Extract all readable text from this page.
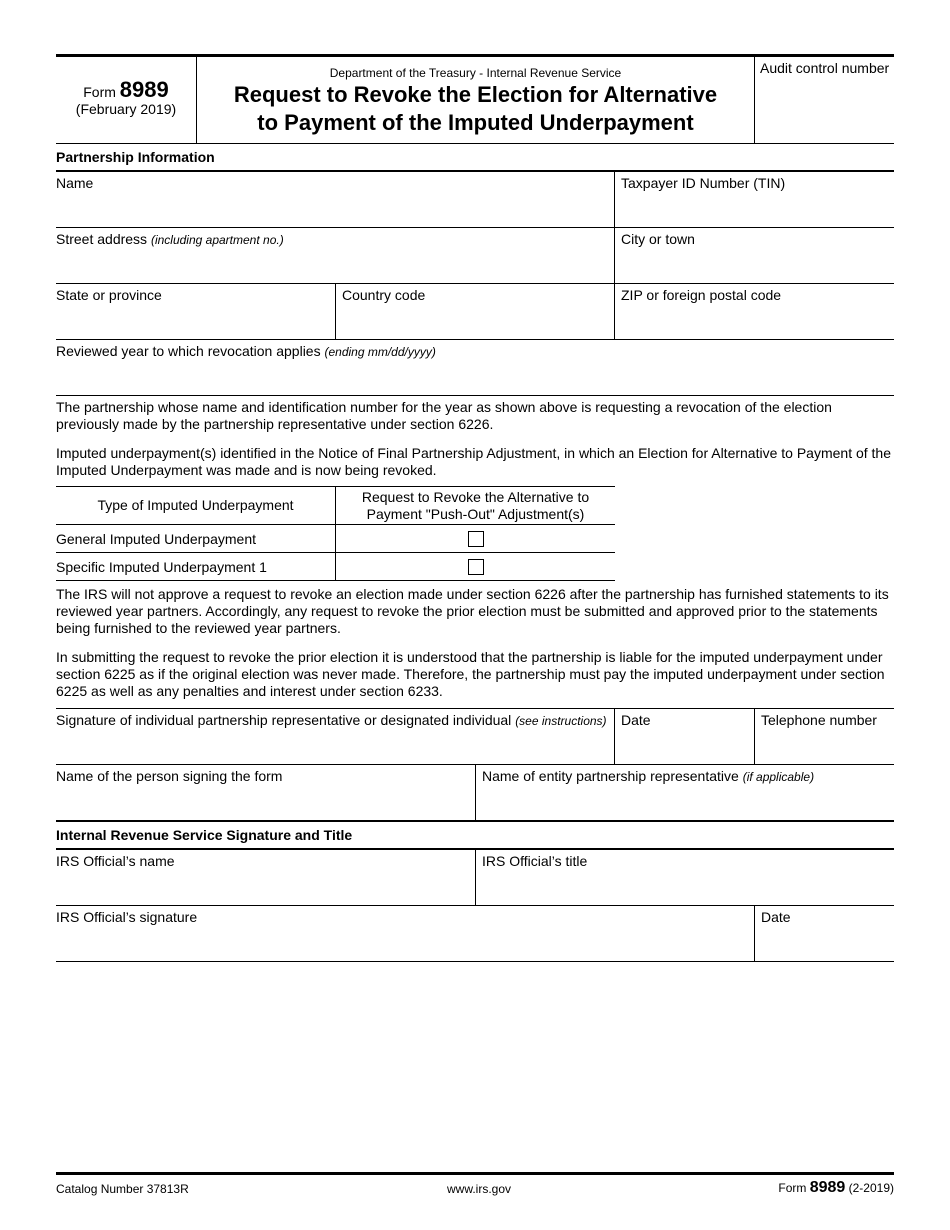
Form 8989
(February 2019)
Department of the Treasury - Internal Revenue Service
Request to Revoke the Election for Alternative
to Payment of the Imputed Underpayment
Audit control number
Partnership Information
Name	Taxpayer ID Number (TIN)
Street address (including apartment no.)	City or town
State or province	Country code	ZIP or foreign postal code
Reviewed year to which revocation applies (ending mm/dd/yyyy)

The partnership whose name and identification number for the year as shown above is requesting a revocation of the election previously made by the partnership representative under section 6226.

Imputed underpayment(s) identified in the Notice of Final Partnership Adjustment, in which an Election for Alternative to Payment of the Imputed Underpayment was made and is now being revoked.

Type of Imputed Underpayment	Request to Revoke the Alternative to
Payment "Push-Out" Adjustment(s)

General Imputed Underpayment	
Specific Imputed Underpayment 1	

The IRS will not approve a request to revoke an election made under section 6226 after the partnership has furnished statements to its reviewed year partners. Accordingly, any request to revoke the prior election must be submitted and approved prior to the statements being furnished to the reviewed year partners.

In submitting the request to revoke the prior election it is understood that the partnership is liable for the imputed underpayment under section 6225 as if the original election was never made. Therefore, the partnership must pay the imputed underpayment under section 6225 as well as any penalties and interest under section 6233.

Signature of individual partnership representative or designated individual (see instructions)	Date	Telephone number
Name of the person signing the form	Name of entity partnership representative (if applicable)
Internal Revenue Service Signature and Title
IRS Official’s name	IRS Official’s title
IRS Official’s signature	Date
Catalog Number 37813R	www.irs.gov	Form 8989 (2-2019)
